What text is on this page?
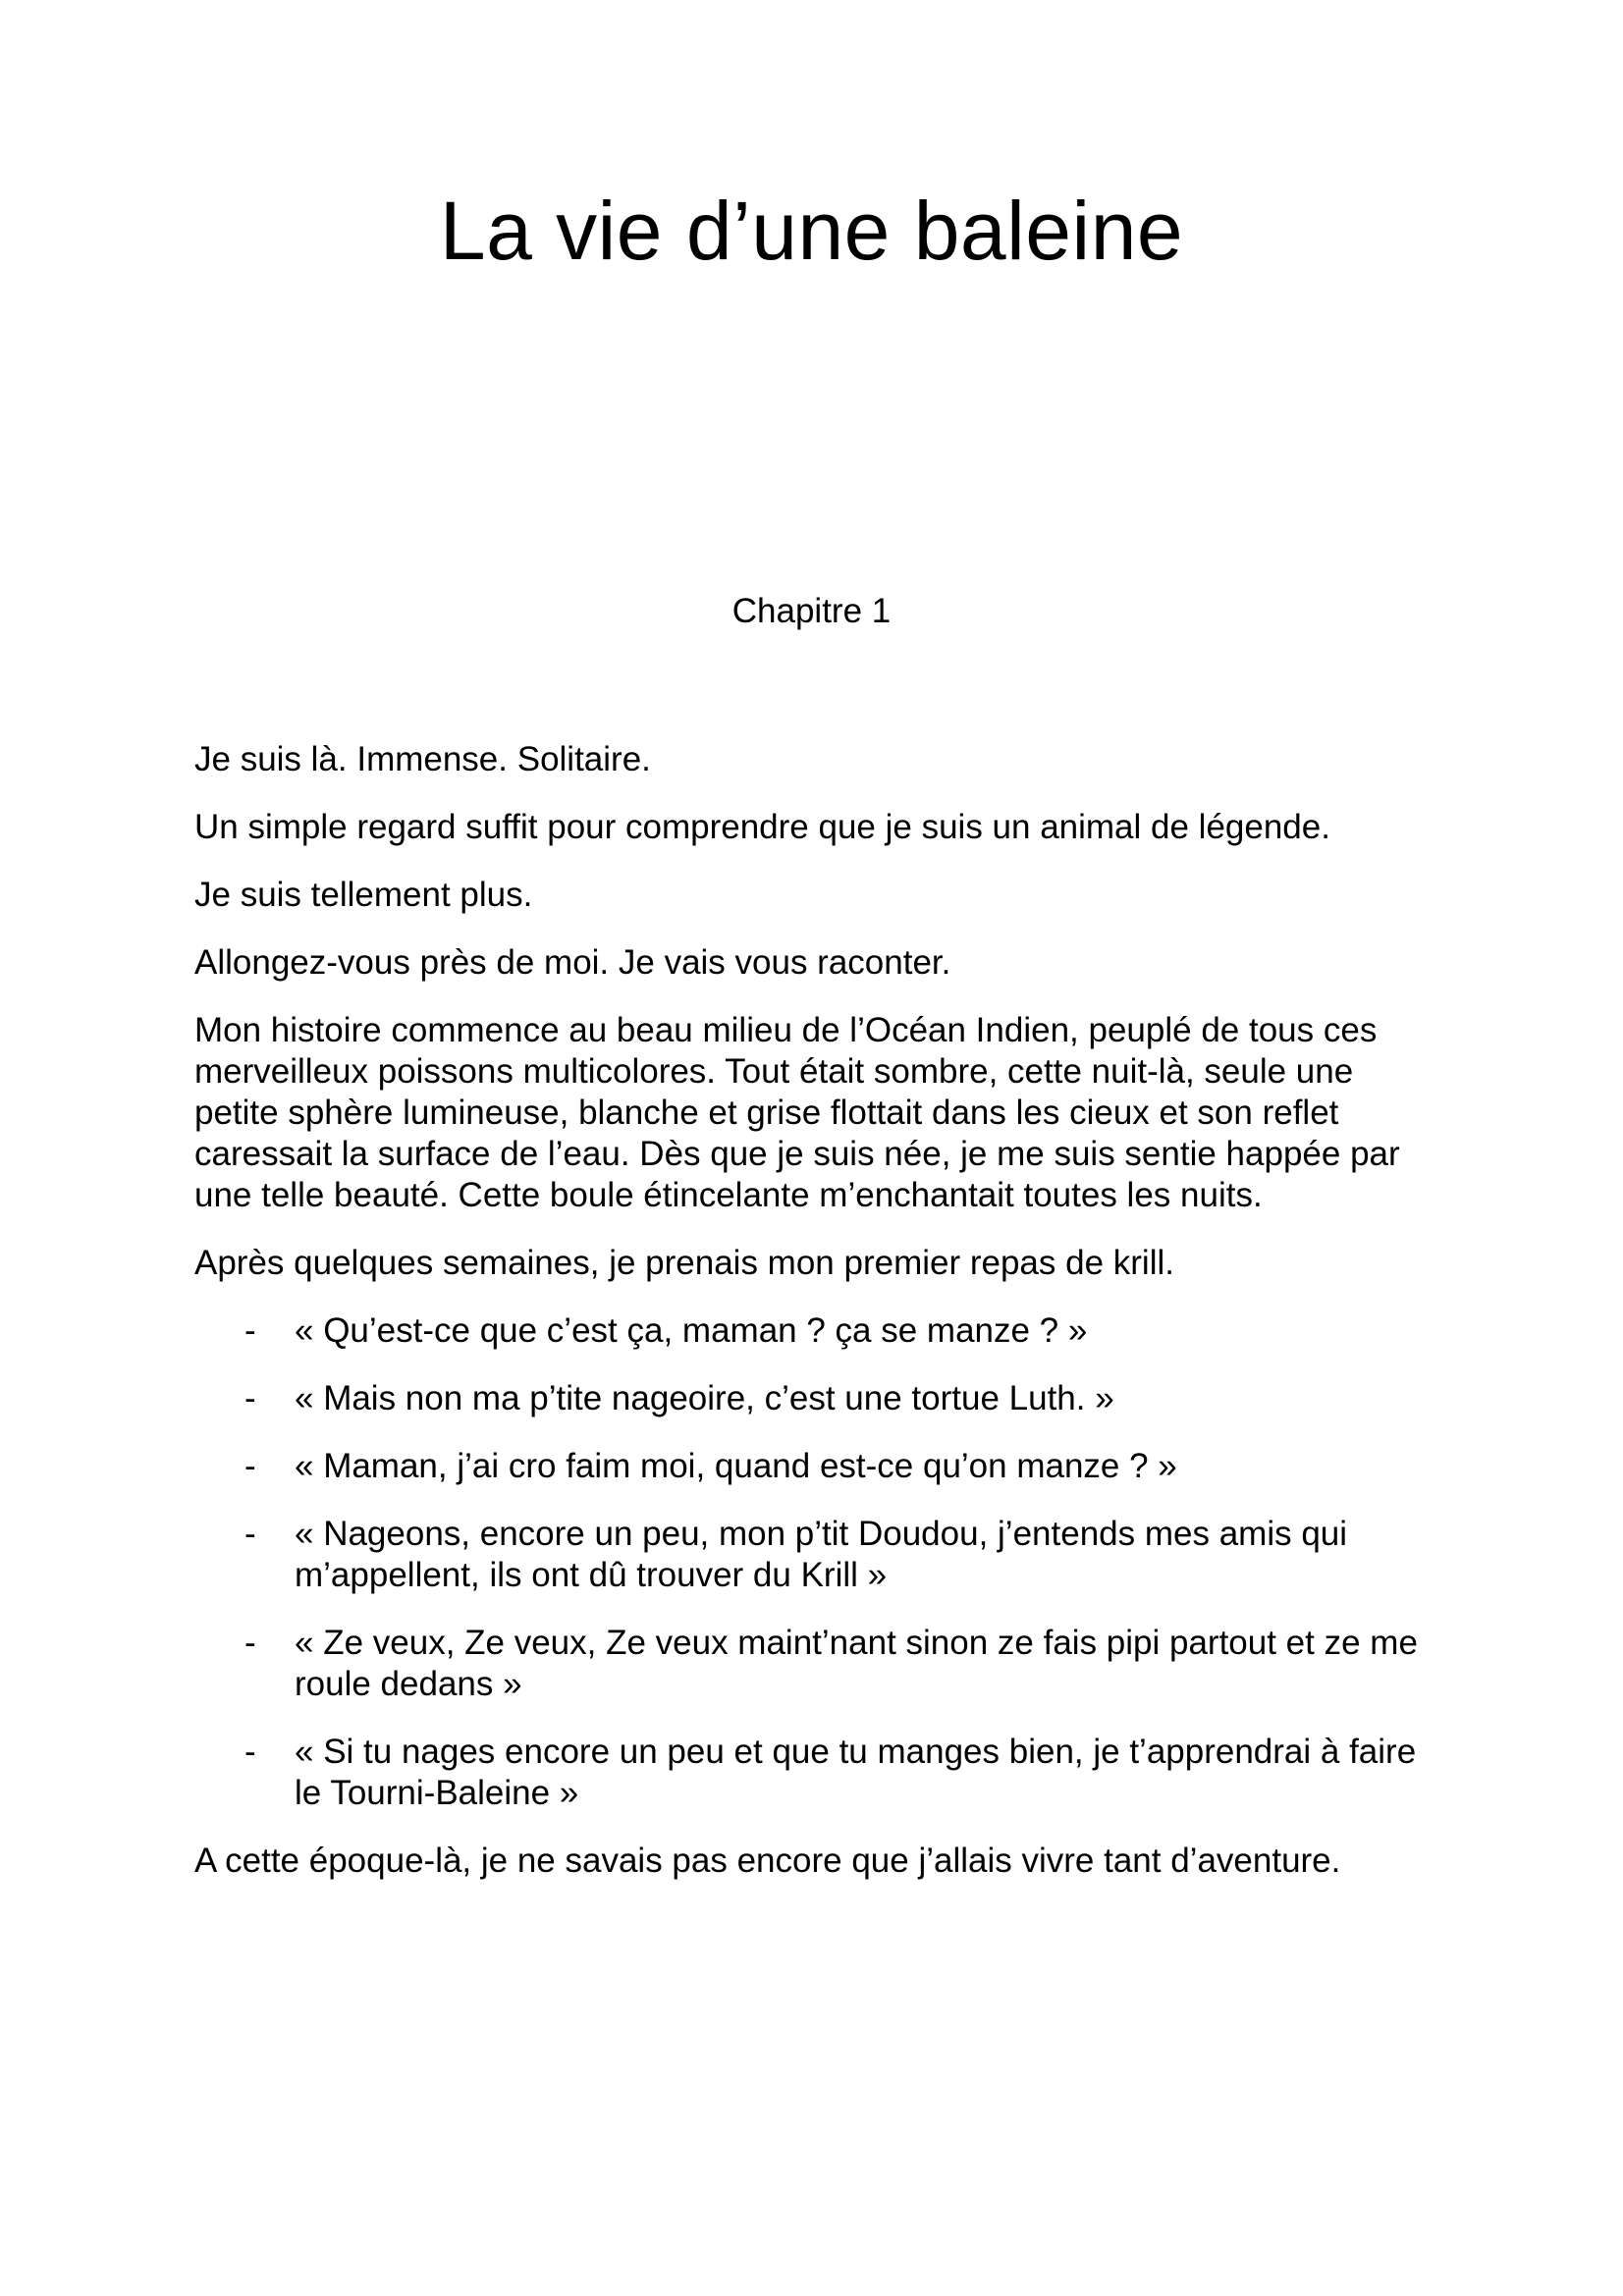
La vie d’une baleine

Chapitre 1

Je suis là. Immense. Solitaire.

Un simple regard suffit pour comprendre que je suis un animal de légende.

Je suis tellement plus.

Allongez-vous près de moi. Je vais vous raconter.

Mon histoire commence au beau milieu de l’Océan Indien, peuplé de tous ces merveilleux poissons multicolores. Tout était sombre, cette nuit-là, seule une petite sphère lumineuse, blanche et grise flottait dans les cieux et son reflet caressait la surface de l’eau. Dès que je suis née, je me suis sentie happée par une telle beauté. Cette boule étincelante m’enchantait toutes les nuits.

Après quelques semaines, je prenais mon premier repas de krill.

- « Qu’est-ce que c’est ça, maman ? ça se manze ? »
- « Mais non ma p’tite nageoire, c’est une tortue Luth. »
- « Maman, j’ai cro faim moi, quand est-ce qu’on manze ? »
- « Nageons, encore un peu, mon p’tit Doudou, j’entends mes amis qui m’appellent, ils ont dû trouver du Krill »
- « Ze veux, Ze veux, Ze veux maint’nant sinon ze fais pipi partout et ze me roule dedans »
- « Si tu nages encore un peu et que tu manges bien, je t’apprendrai à faire le Tourni-Baleine »

A cette époque-là, je ne savais pas encore que j’allais vivre tant d’aventure.
